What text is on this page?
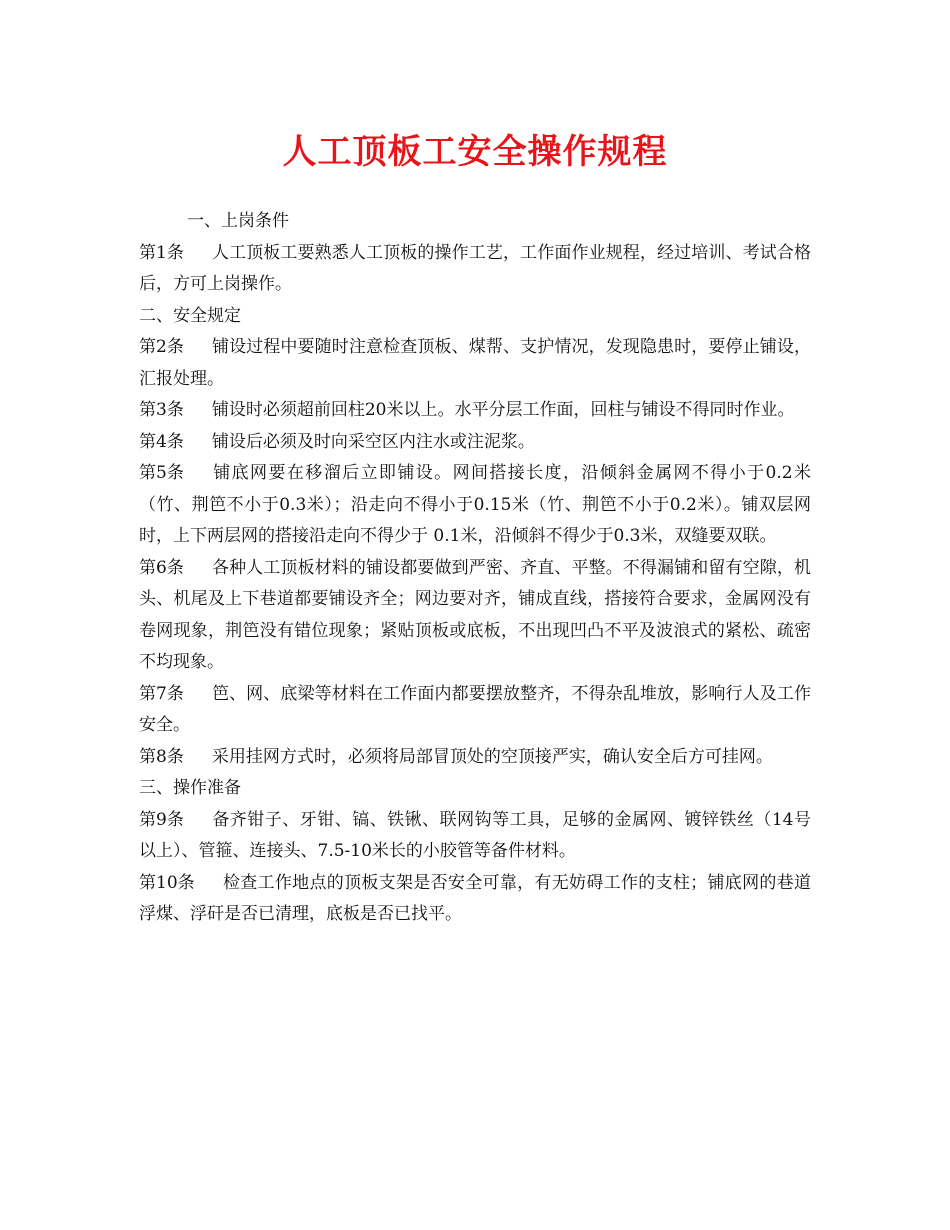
人工顶板工安全操作规程

一、上岗条件

第1条 人工顶板工要熟悉人工顶板的操作工艺，工作面作业规程，经过培训、考试合格后，方可上岗操作。

二、安全规定

第2条 铺设过程中要随时注意检查顶板、煤帮、支护情况，发现隐患时，要停止铺设，汇报处理。

第3条 铺设时必须超前回柱20米以上。水平分层工作面，回柱与铺设不得同时作业。

第4条 铺设后必须及时向采空区内注水或注泥浆。

第5条 铺底网要在移溜后立即铺设。网间搭接长度，沿倾斜金属网不得小于0.2米（竹、荆笆不小于0.3米）；沿走向不得小于0.15米（竹、荆笆不小于0.2米）。铺双层网时，上下两层网的搭接沿走向不得少于 0.1米，沿倾斜不得少于0.3米，双缝要双联。

第6条 各种人工顶板材料的铺设都要做到严密、齐直、平整。不得漏铺和留有空隙，机头、机尾及上下巷道都要铺设齐全；网边要对齐，铺成直线，搭接符合要求，金属网没有卷网现象，荆笆没有错位现象；紧贴顶板或底板，不出现凹凸不平及波浪式的紧松、疏密不均现象。

第7条 笆、网、底梁等材料在工作面内都要摆放整齐，不得杂乱堆放，影响行人及工作安全。

第8条 采用挂网方式时，必须将局部冒顶处的空顶接严实，确认安全后方可挂网。

三、操作准备

第9条 备齐钳子、牙钳、镐、铁锹、联网钩等工具，足够的金属网、镀锌铁丝（14号以上）、管箍、连接头、7.5-10米长的小胶管等备件材料。

第10条 检查工作地点的顶板支架是否安全可靠，有无妨碍工作的支柱；铺底网的巷道浮煤、浮矸是否已清理，底板是否已找平。
